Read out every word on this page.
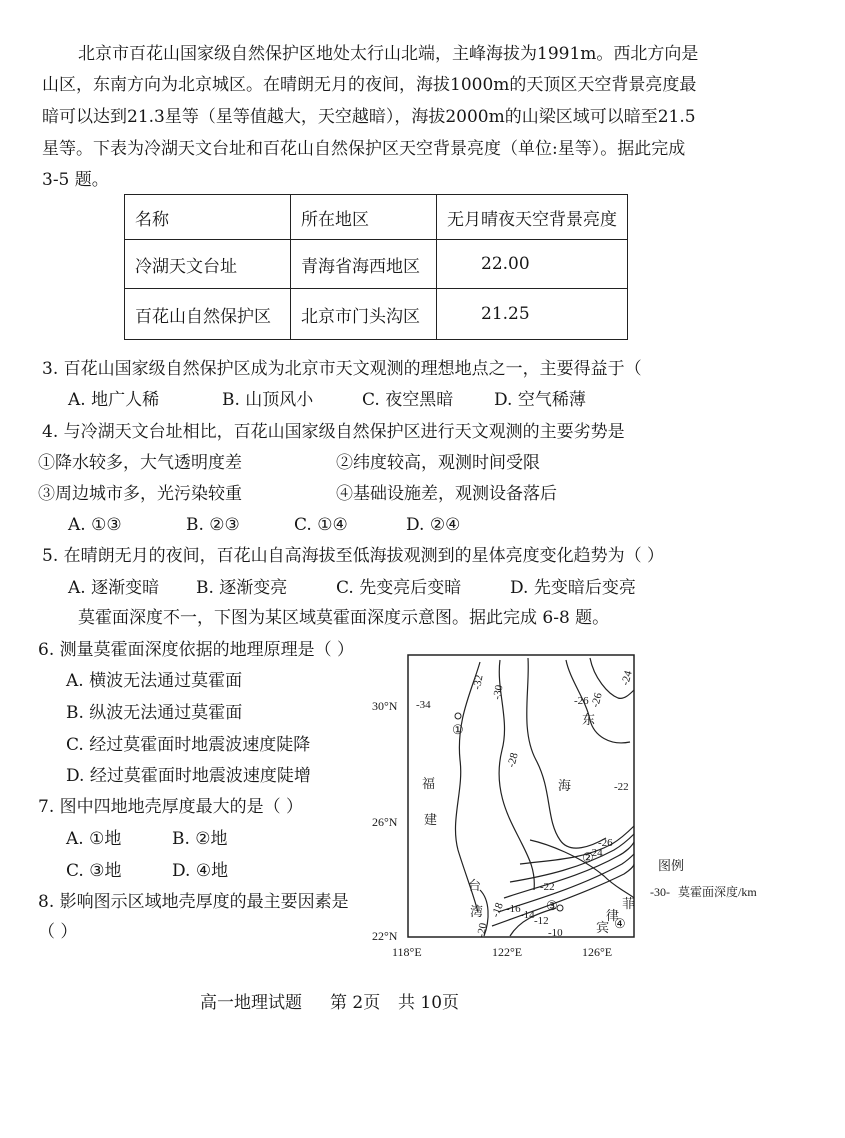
北京市百花山国家级自然保护区地处太行山北端，主峰海拔为1991m。西北方向是
山区，东南方向为北京城区。在晴朗无月的夜间，海拔1000m的天顶区天空背景亮度最
暗可以达到21.3星等（星等值越大，天空越暗），海拔2000m的山梁区域可以暗至21.5
星等。下表为冷湖天文台址和百花山自然保护区天空背景亮度（单位:星等）。据此完成
3-5 题。
名称	所在地区	无月晴夜天空背景亮度
冷湖天文台址	青海省海西地区	22.00
百花山自然保护区	北京市门头沟区	21.25
3. 百花山国家级自然保护区成为北京市天文观测的理想地点之一，主要得益于（
A. 地广人稀	B. 山顶风小	C. 夜空黑暗 D. 空气稀薄
4. 与冷湖天文台址相比，百花山国家级自然保护区进行天文观测的主要劣势是
①降水较多，大气透明度差	②纬度较高，观测时间受限
③周边城市多，光污染较重	④基础设施差，观测设备落后
A. ①③	B. ②③	C. ①④	D. ②④
5. 在晴朗无月的夜间，百花山自高海拔至低海拔观测到的星体亮度变化趋势为（ ）
A. 逐渐变暗 B. 逐渐变亮	C. 先变亮后变暗	D. 先变暗后变亮
莫霍面深度不一，下图为某区域莫霍面深度示意图。据此完成 6-8 题。
6. 测量莫霍面深度依据的地理原理是（ ）
A. 横波无法通过莫霍面
B. 纵波无法通过莫霍面
C. 经过莫霍面时地震波速度陡降
D. 经过莫霍面时地震波速度陡增
7. 图中四地地壳厚度最大的是（ ）
A. ①地	B. ②地
C. ③地	D. ④地
8. 影响图示区域地壳厚度的最主要因素是
（ ）
30°N
26°N
22°N
118°E	122°E	126°E
-34
-32
-30
-28
-26 -26
-24
-22
-26
-24
-22
-20
-18 -16 -14 -12
-10
①
②
③
④
福
建
东
海
台
湾
菲
律
宾
图例
-30- 莫霍面深度/km
高一地理试题 第 2页 共 10页
